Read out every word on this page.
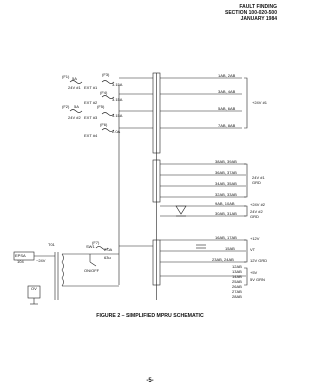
FAULT FINDING
SECTION 100-020-500
JANUARY 1984
(F1)	(F3)
5A
3.15A
(F4)
3.15A
(F2) 5A	(F5)
3.15A
(F6)
2.0A
(F7)
2.0A
24V #1 EXT #1
EXT #2
24V #2 EXT #3
EXT #4
1AB, 2AB
3AB, 4AB
5AB, 6AB
7AB, 8AB
38AB, 39AB
36AB, 37AB
34AB, 35AB
32AB, 33AB
9AB, 10AB
30AB, 31AB
16AB, 17AB
15AB
23AB, 24AB
12AB
13AB
14AB
25AB
26AB
27AB
28AB
+24V #1
24V #1
GRD
+24V #2
24V #2
GRD
+12V
VT
12V GRD
+5V
5V GRN
T01	SW1
ON/OFF
EPSA
104	~24V
OV
63u
FIGURE 2 – SIMPLIFIED MPRU SCHEMATIC
-5-
